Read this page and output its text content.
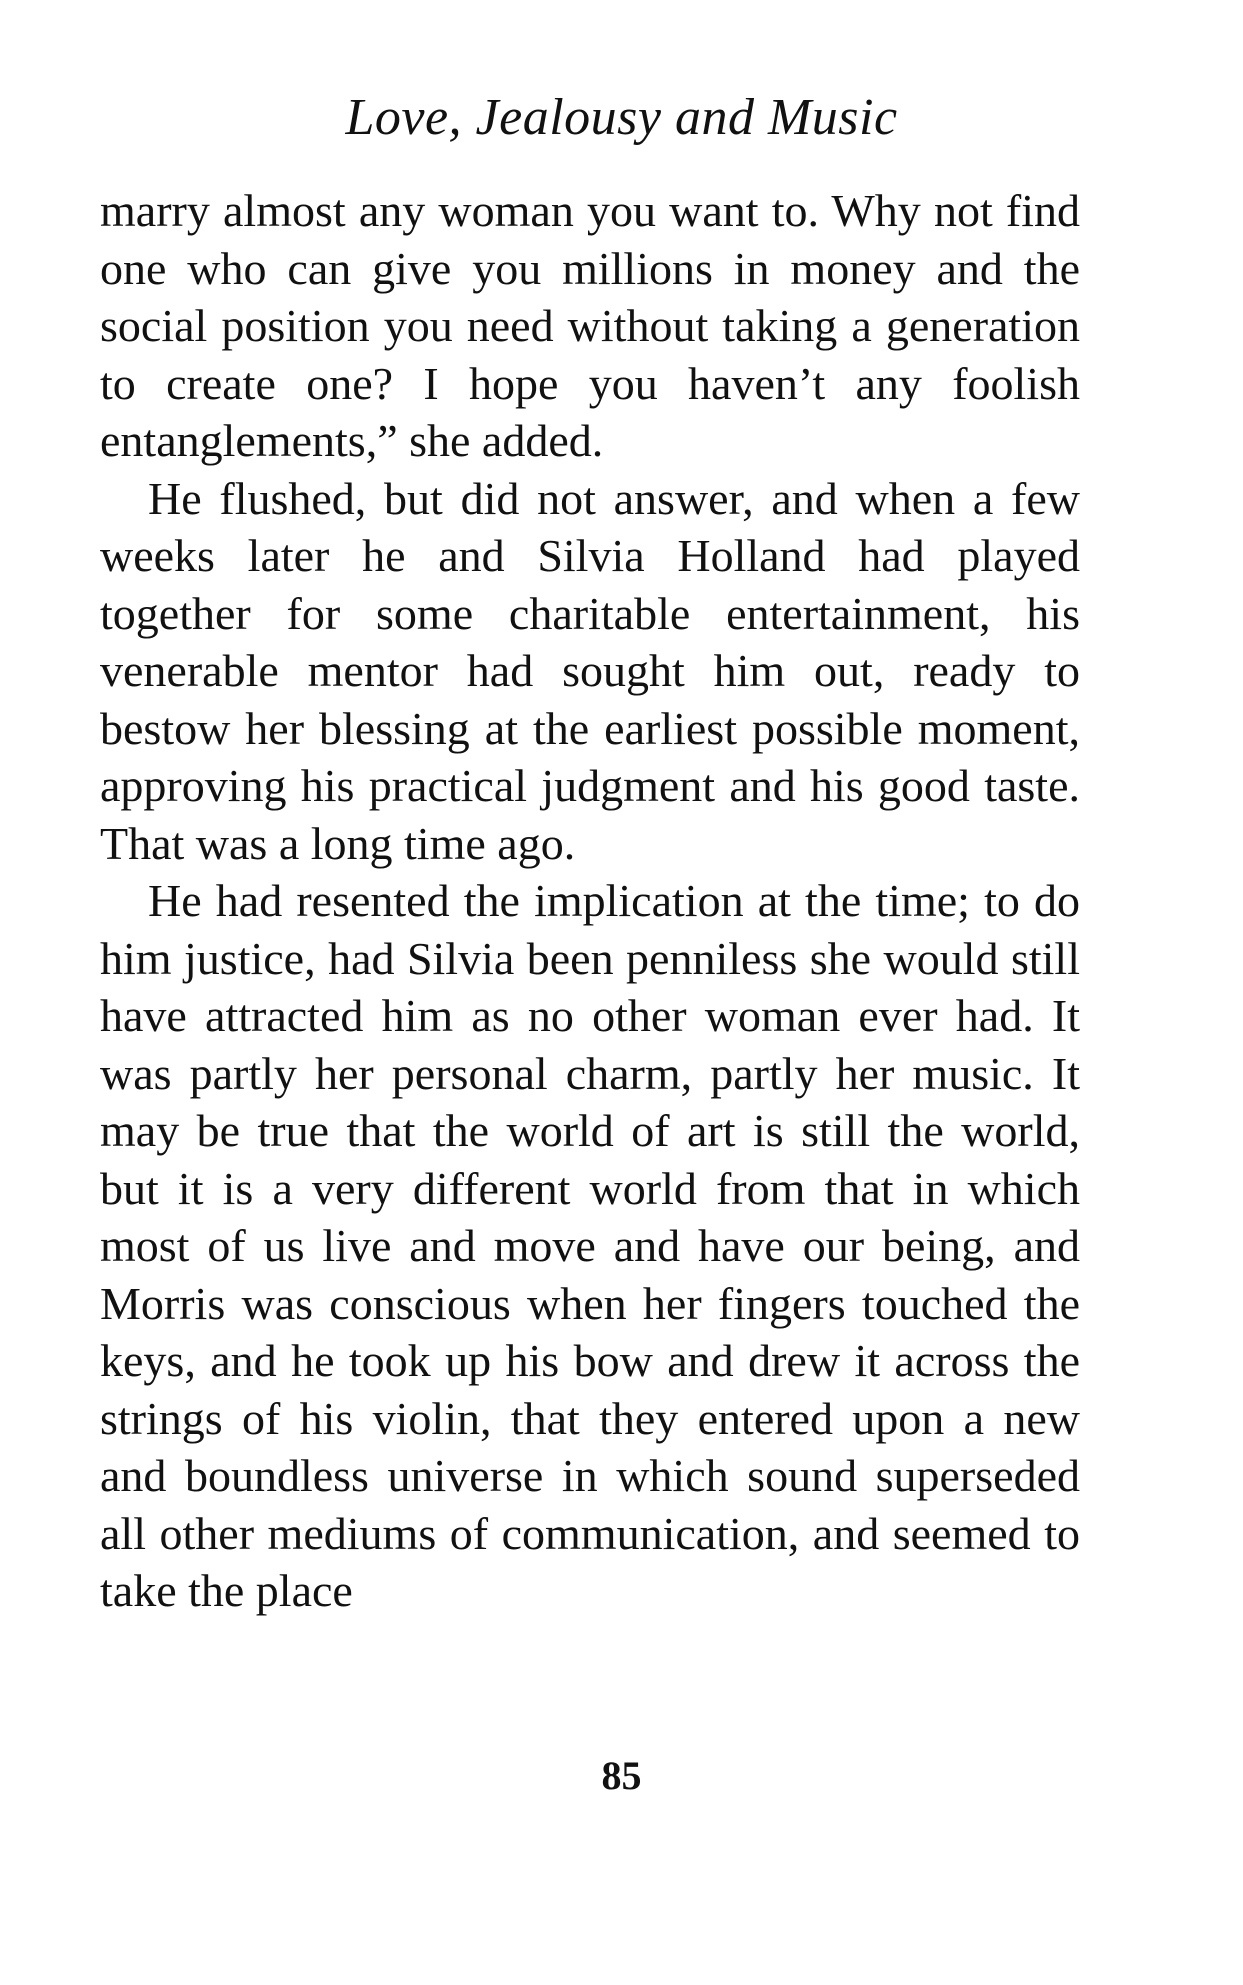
Love, Jealousy and Music

marry almost any woman you want to. Why not find one who can give you millions in money and the social position you need without taking a generation to create one? I hope you haven’t any foolish entanglements,” she added.

He flushed, but did not answer, and when a few weeks later he and Silvia Holland had played together for some charitable entertainment, his venerable mentor had sought him out, ready to bestow her blessing at the earliest possible moment, approving his practical judgment and his good taste. That was a long time ago.

He had resented the implication at the time; to do him justice, had Silvia been penniless she would still have attracted him as no other woman ever had. It was partly her personal charm, partly her music. It may be true that the world of art is still the world, but it is a very different world from that in which most of us live and move and have our being, and Morris was conscious when her fingers touched the keys, and he took up his bow and drew it across the strings of his violin, that they entered upon a new and boundless universe in which sound superseded all other mediums of communication, and seemed to take the place

85
